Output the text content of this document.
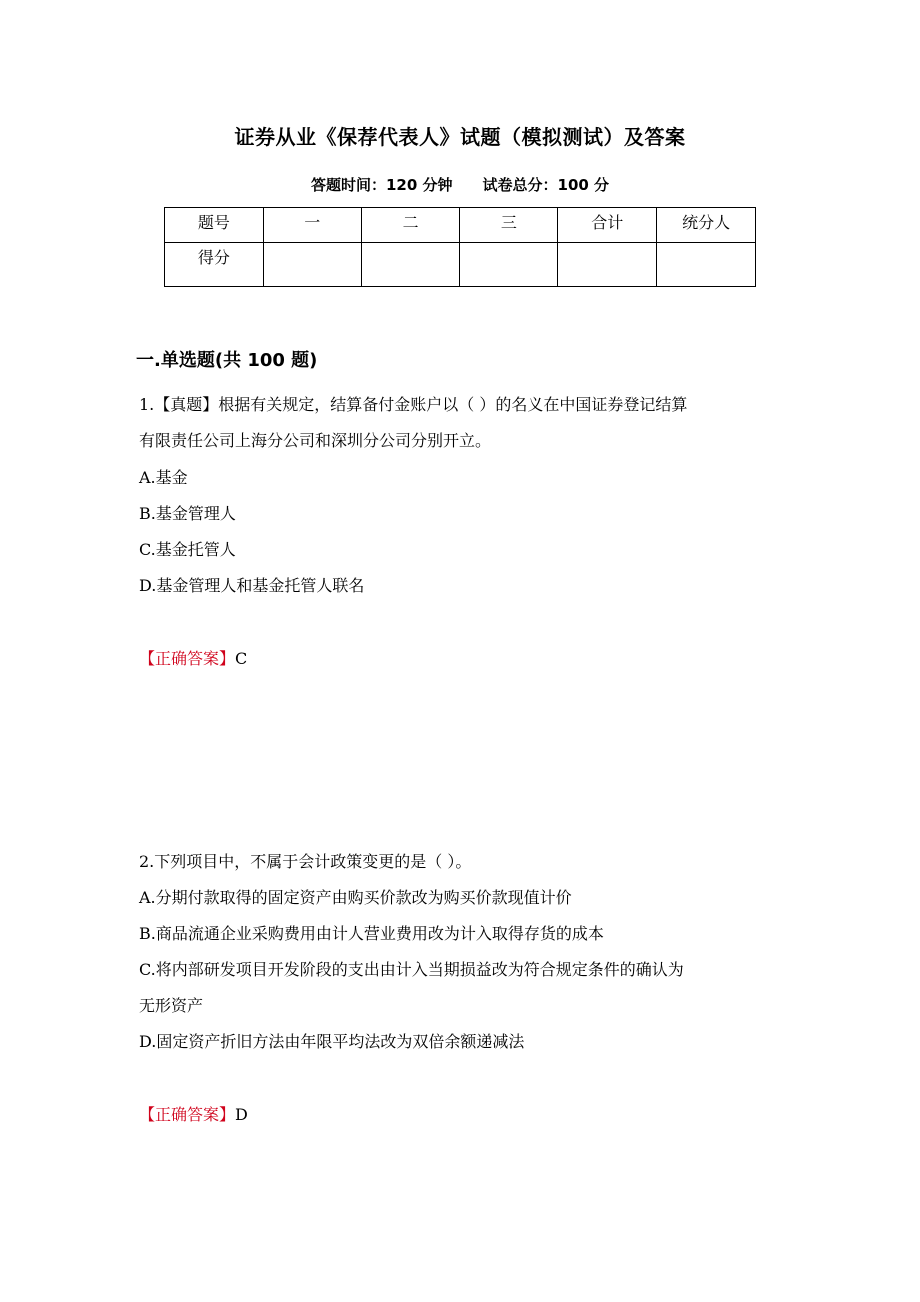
证券从业《保荐代表人》试题（模拟测试）及答案
答题时间：120 分钟 试卷总分：100 分
题号	一	二	三	合计	统分人
得分					
一.单选题(共 100 题)
1.【真题】根据有关规定，结算备付金账户以（ ）的名义在中国证券登记结算
有限责任公司上海分公司和深圳分公司分别开立。
A.基金
B.基金管理人
C.基金托管人
D.基金管理人和基金托管人联名
【正确答案】C
2.下列项目中，不属于会计政策变更的是（ ）。
A.分期付款取得的固定资产由购买价款改为购买价款现值计价
B.商品流通企业采购费用由计人营业费用改为计入取得存货的成本
C.将内部研发项目开发阶段的支出由计入当期损益改为符合规定条件的确认为
无形资产
D.固定资产折旧方法由年限平均法改为双倍余额递减法
【正确答案】D
